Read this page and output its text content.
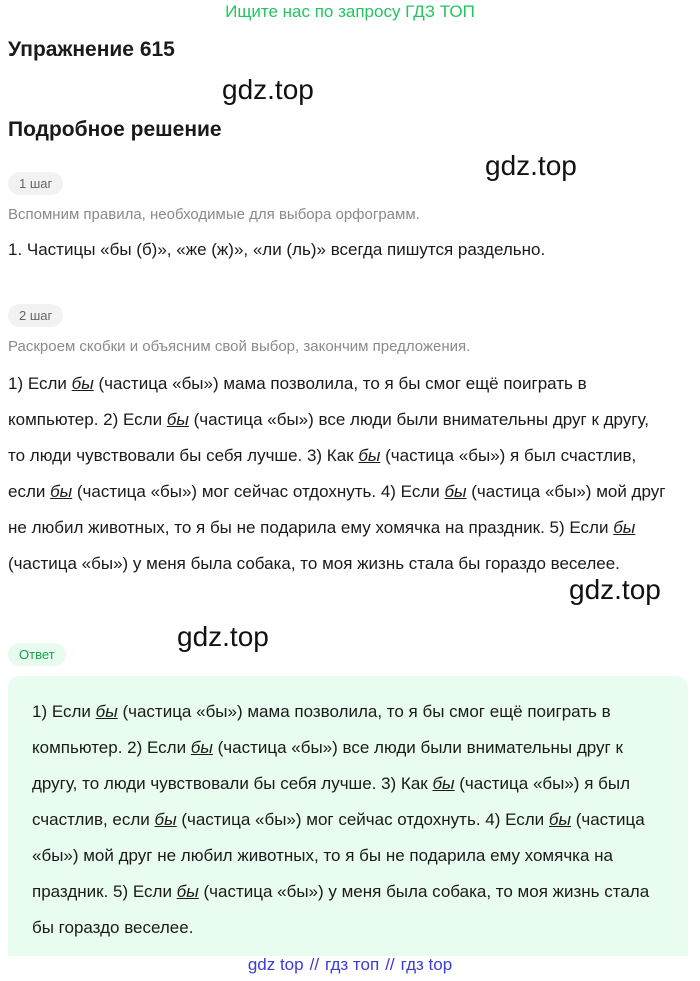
Ищите нас по запросу ГДЗ ТОП
Упражнение 615
gdz.top
Подробное решение
gdz.top
1 шаг
Вспомним правила, необходимые для выбора орфограмм.
1. Частицы «бы (б)», «же (ж)», «ли (ль)» всегда пишутся раздельно.
2 шаг
Раскроем скобки и объясним свой выбор, закончим предложения.
1) Если бы (частица «бы») мама позволила, то я бы смог ещё поиграть в компьютер. 2) Если бы (частица «бы») все люди были внимательны друг к другу, то люди чувствовали бы себя лучше. 3) Как бы (частица «бы») я был счастлив, если бы (частица «бы») мог сейчас отдохнуть. 4) Если бы (частица «бы») мой друг не любил животных, то я бы не подарила ему хомячка на праздник. 5) Если бы (частица «бы») у меня была собака, то моя жизнь стала бы гораздо веселее.
gdz.top
gdz.top
Ответ
1) Если бы (частица «бы») мама позволила, то я бы смог ещё поиграть в компьютер. 2) Если бы (частица «бы») все люди были внимательны друг к другу, то люди чувствовали бы себя лучше. 3) Как бы (частица «бы») я был счастлив, если бы (частица «бы») мог сейчас отдохнуть. 4) Если бы (частица «бы») мой друг не любил животных, то я бы не подарила ему хомячка на праздник. 5) Если бы (частица «бы») у меня была собака, то моя жизнь стала бы гораздо веселее.
gdz top // гдз топ // гдз top
